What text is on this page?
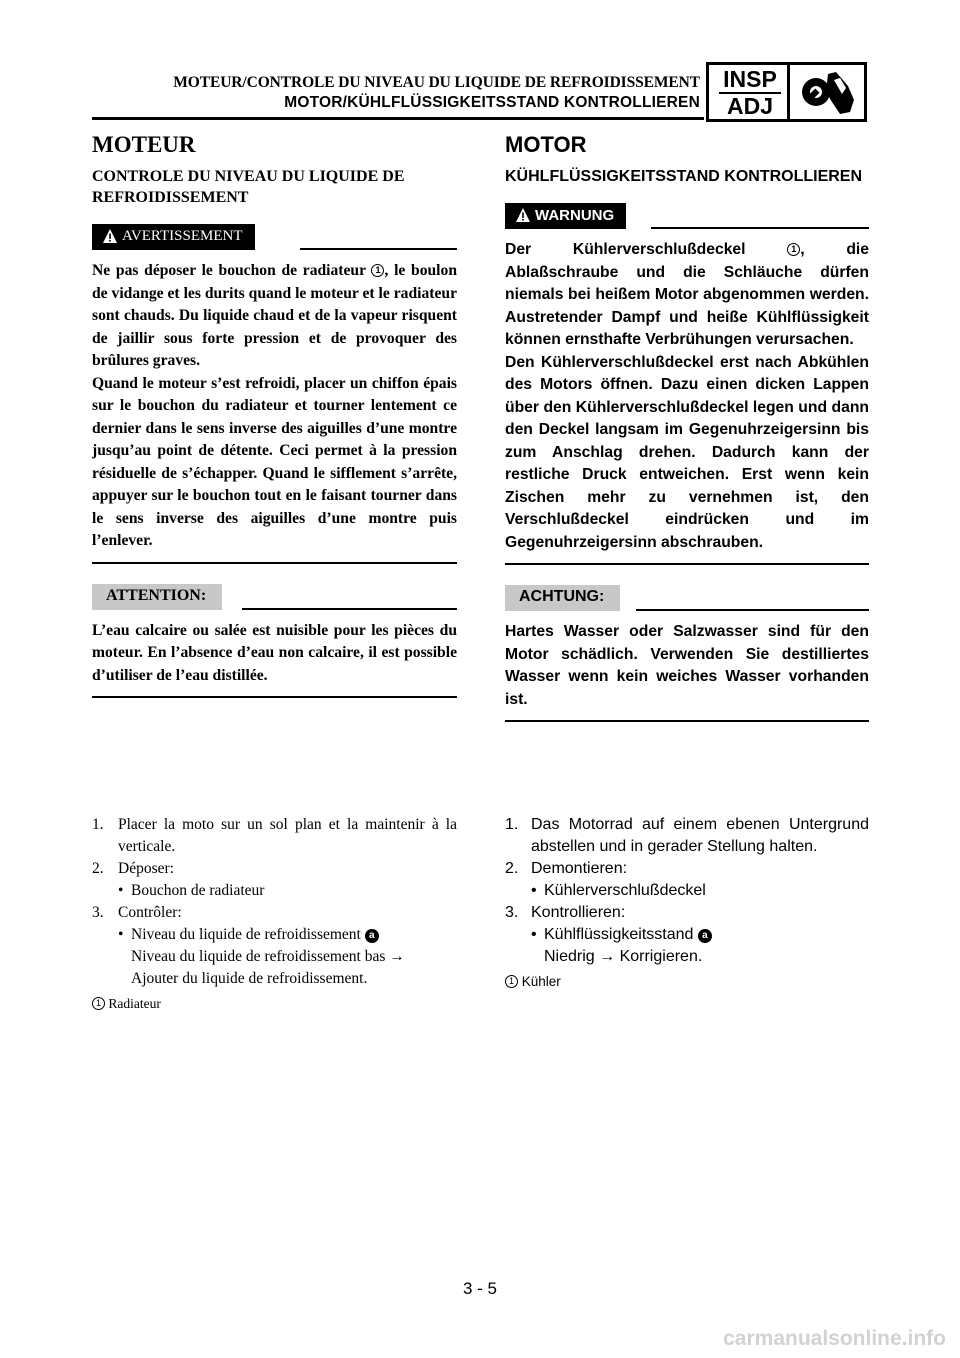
MOTEUR/CONTROLE DU NIVEAU DU LIQUIDE DE REFROIDISSEMENT
MOTOR/KÜHLFLÜSSIGKEITSSTAND KONTROLLIEREN
INSP
ADJ
MOTEUR
CONTROLE DU NIVEAU DU LIQUIDE DE REFROIDISSEMENT
AVERTISSEMENT
Ne pas déposer le bouchon de radiateur 1 , le boulon de vidange et les durits quand le moteur et le radiateur sont chauds. Du liquide chaud et de la vapeur risquent de jaillir sous forte pression et de provoquer des brûlures graves.
Quand le moteur s’est refroidi, placer un chiffon épais sur le bouchon du radiateur et tourner lentement ce dernier dans le sens inverse des aiguilles d’une montre jusqu’au point de détente. Ceci permet à la pression résiduelle de s’échapper. Quand le sifflement s’arrête, appuyer sur le bouchon tout en le faisant tourner dans le sens inverse des aiguilles d’une montre puis l’enlever.
ATTENTION:
L’eau calcaire ou salée est nuisible pour les pièces du moteur. En l’absence d’eau non calcaire, il est possible d’utiliser de l’eau distillée.
MOTOR
KÜHLFLÜSSIGKEITSSTAND KONTROLLIEREN
WARNUNG
Der Kühlerverschlußdeckel 1 , die Ablaßschraube und die Schläuche dürfen niemals bei heißem Motor abgenommen werden. Austretender Dampf und heiße Kühlflüssigkeit können ernsthafte Verbrühungen verursachen.
Den Kühlerverschlußdeckel erst nach Abkühlen des Motors öffnen. Dazu einen dicken Lappen über den Kühlerverschlußdeckel legen und dann den Deckel langsam im Gegenuhrzeigersinn bis zum Anschlag drehen. Dadurch kann der restliche Druck entweichen. Erst wenn kein Zischen mehr zu vernehmen ist, den Verschlußdeckel eindrücken und im Gegenuhrzeigersinn abschrauben.
ACHTUNG:
Hartes Wasser oder Salzwasser sind für den Motor schädlich. Verwenden Sie destilliertes Wasser wenn kein weiches Wasser vorhanden ist.
1. Placer la moto sur un sol plan et la maintenir à la verticale.
2. Déposer:
• Bouchon de radiateur
3. Contrôler:
• Niveau du liquide de refroidissement a
Niveau du liquide de refroidissement bas →
Ajouter du liquide de refroidissement.
1 Radiateur
1. Das Motorrad auf einem ebenen Untergrund abstellen und in gerader Stellung halten.
2. Demontieren:
• Kühlerverschlußdeckel
3. Kontrollieren:
• Kühlflüssigkeitsstand a
Niedrig → Korrigieren.
1 Kühler
3 - 5
carmanualsonline.info
